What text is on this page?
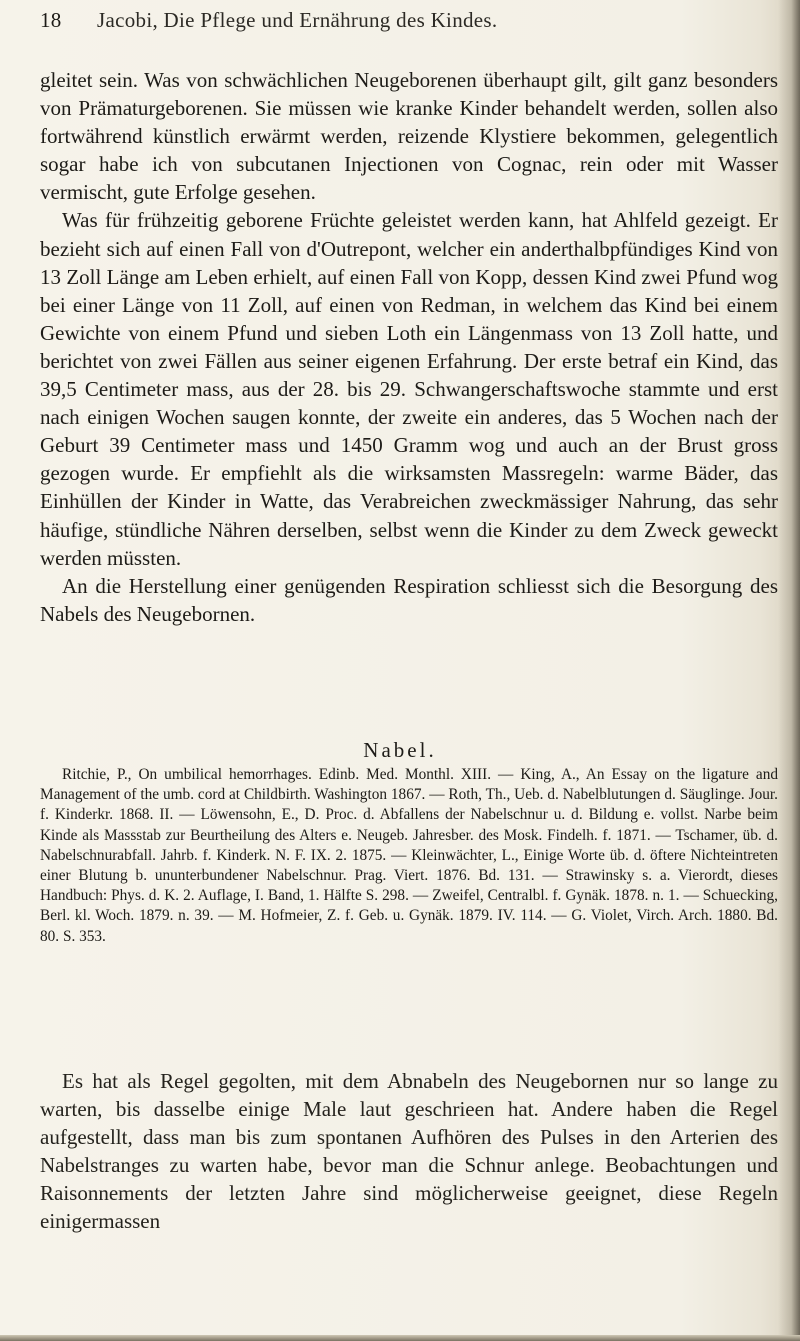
18 Jacobi, Die Pflege und Ernährung des Kindes.

gleitet sein. Was von schwächlichen Neugeborenen überhaupt gilt, gilt ganz besonders von Prämaturgeborenen. Sie müssen wie kranke Kinder behandelt werden, sollen also fortwährend künstlich erwärmt werden, reizende Klystiere bekommen, gelegentlich sogar habe ich von subcutanen Injectionen von Cognac, rein oder mit Wasser vermischt, gute Erfolge gesehen.

Was für frühzeitig geborene Früchte geleistet werden kann, hat Ahlfeld gezeigt. Er bezieht sich auf einen Fall von d'Outrepont, welcher ein anderthalbpfündiges Kind von 13 Zoll Länge am Leben erhielt, auf einen Fall von Kopp, dessen Kind zwei Pfund wog bei einer Länge von 11 Zoll, auf einen von Redman, in welchem das Kind bei einem Gewichte von einem Pfund und sieben Loth ein Längenmass von 13 Zoll hatte, und berichtet von zwei Fällen aus seiner eigenen Erfahrung. Der erste betraf ein Kind, das 39,5 Centimeter mass, aus der 28. bis 29. Schwangerschaftswoche stammte und erst nach einigen Wochen saugen konnte, der zweite ein anderes, das 5 Wochen nach der Geburt 39 Centimeter mass und 1450 Gramm wog und auch an der Brust gross gezogen wurde. Er empfiehlt als die wirksamsten Massregeln: warme Bäder, das Einhüllen der Kinder in Watte, das Verabreichen zweckmässiger Nahrung, das sehr häufige, stündliche Nähren derselben, selbst wenn die Kinder zu dem Zweck geweckt werden müssten.

An die Herstellung einer genügenden Respiration schliesst sich die Besorgung des Nabels des Neugebornen.

Nabel.

Ritchie, P., On umbilical hemorrhages. Edinb. Med. Monthl. XIII. — King, A., An Essay on the ligature and Management of the umb. cord at Childbirth. Washington 1867. — Roth, Th., Ueb. d. Nabelblutungen d. Säuglinge. Jour. f. Kinderkr. 1868. II. — Löwensohn, E., D. Proc. d. Abfallens der Nabelschnur u. d. Bildung e. vollst. Narbe beim Kinde als Massstab zur Beurtheilung des Alters e. Neugeb. Jahresber. des Mosk. Findelh. f. 1871. — Tschamer, üb. d. Nabelschnurabfall. Jahrb. f. Kinderk. N. F. IX. 2. 1875. — Kleinwächter, L., Einige Worte üb. d. öftere Nichteintreten einer Blutung b. ununterbundener Nabelschnur. Prag. Viert. 1876. Bd. 131. — Strawinsky s. a. Vierordt, dieses Handbuch: Phys. d. K. 2. Auflage, I. Band, 1. Hälfte S. 298. — Zweifel, Centralbl. f. Gynäk. 1878. n. 1. — Schuecking, Berl. kl. Woch. 1879. n. 39. — M. Hofmeier, Z. f. Geb. u. Gynäk. 1879. IV. 114. — G. Violet, Virch. Arch. 1880. Bd. 80. S. 353.

Es hat als Regel gegolten, mit dem Abnabeln des Neugebornen nur so lange zu warten, bis dasselbe einige Male laut geschrieen hat. Andere haben die Regel aufgestellt, dass man bis zum spontanen Aufhören des Pulses in den Arterien des Nabelstranges zu warten habe, bevor man die Schnur anlege. Beobachtungen und Raisonnements der letzten Jahre sind möglicherweise geeignet, diese Regeln einigermassen
